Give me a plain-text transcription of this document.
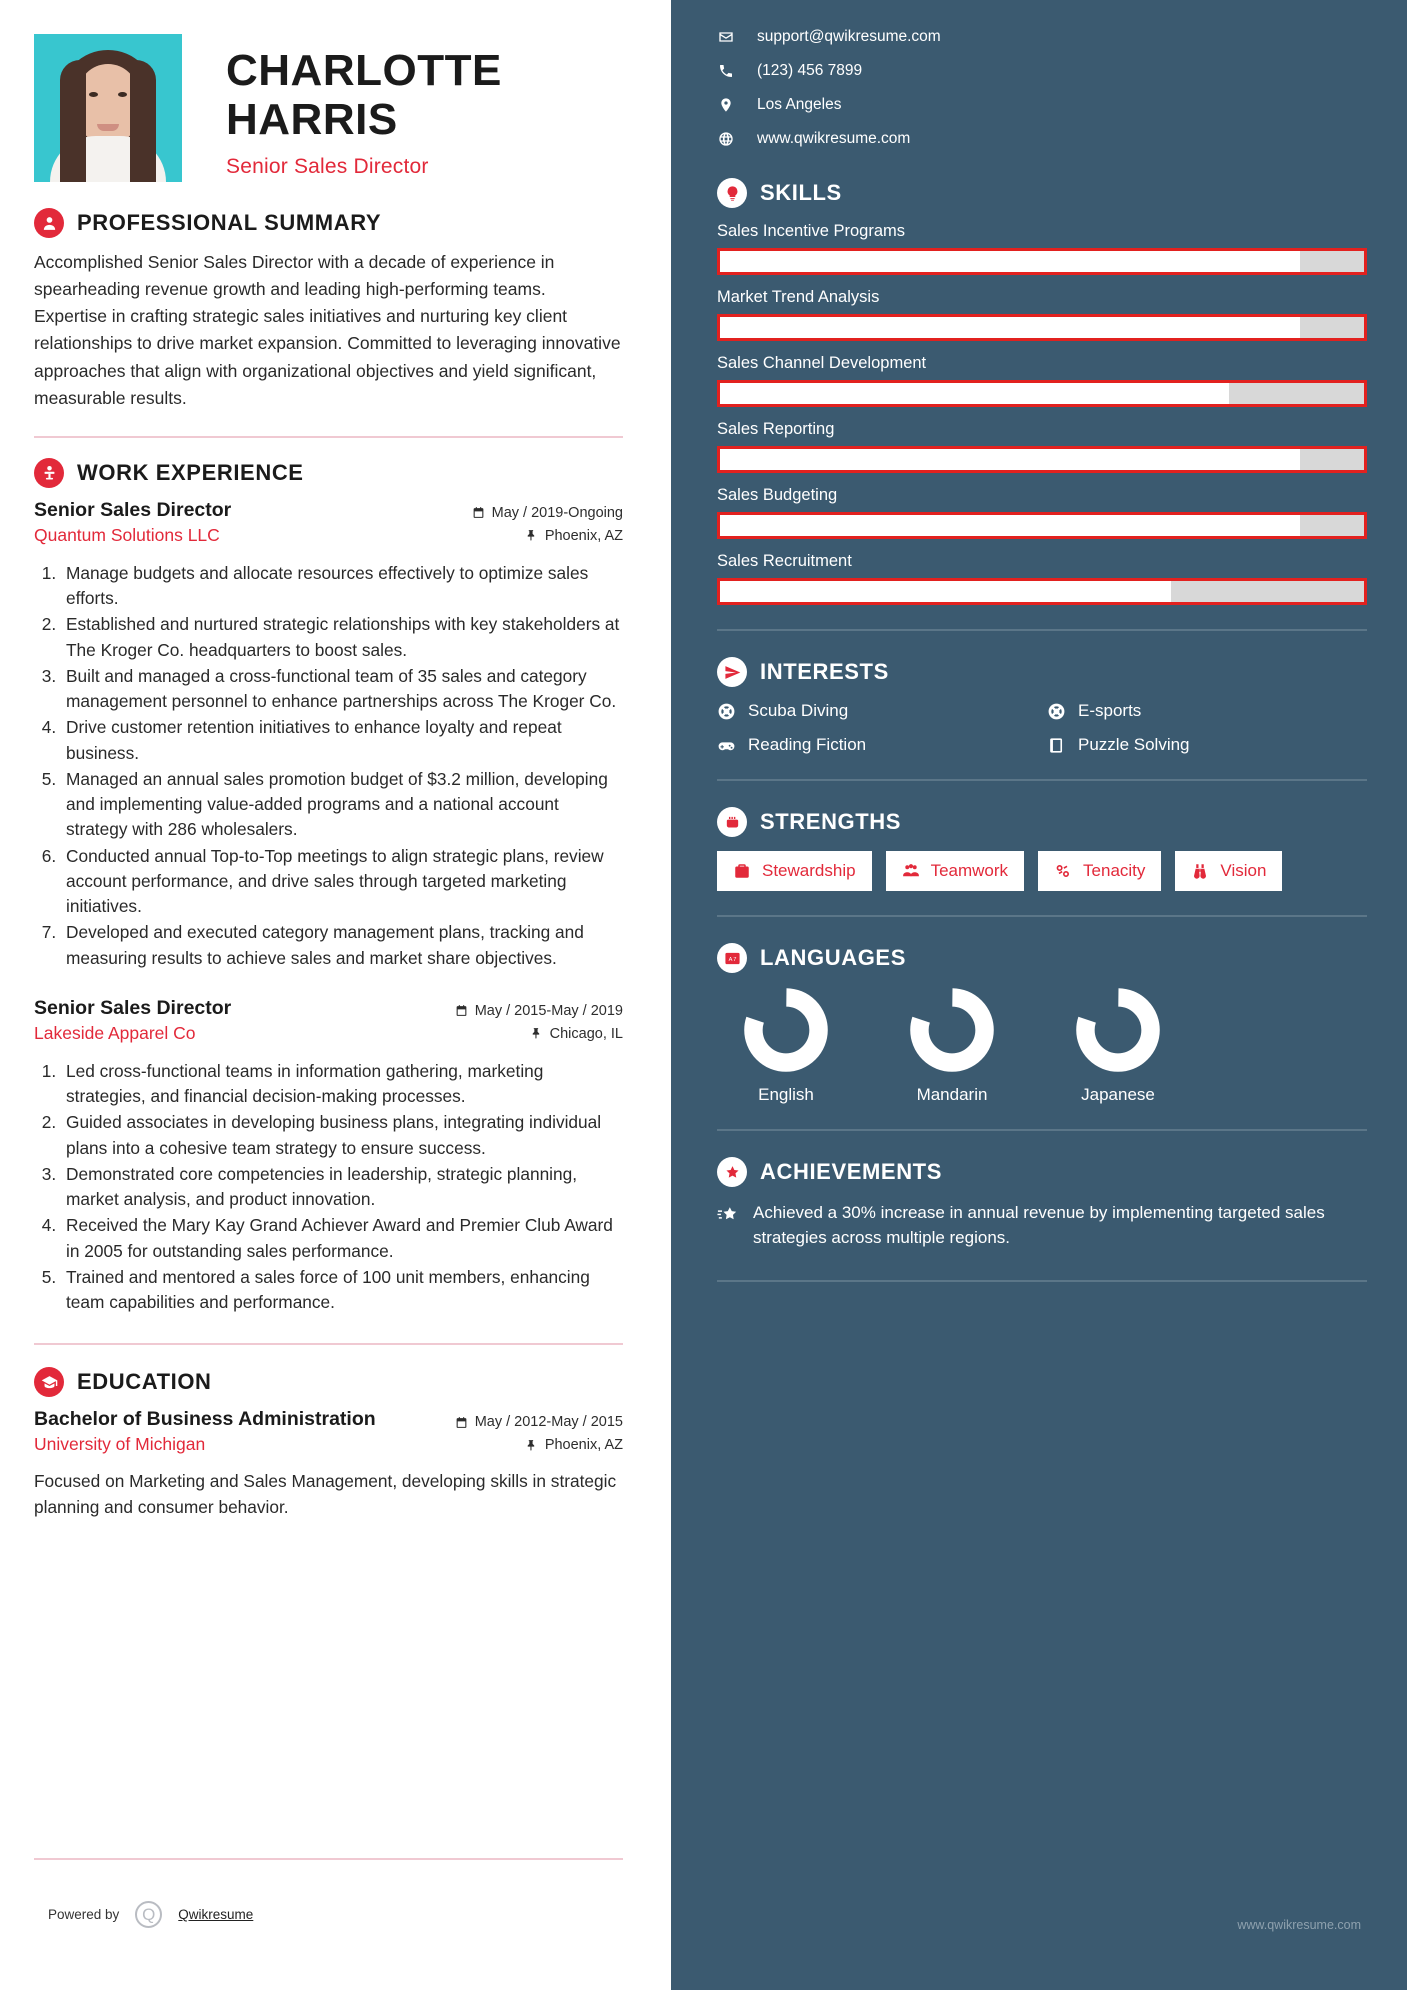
CHARLOTTE
HARRIS
Senior Sales Director
PROFESSIONAL SUMMARY
Accomplished Senior Sales Director with a decade of experience in spearheading revenue growth and leading high-performing teams. Expertise in crafting strategic sales initiatives and nurturing key client relationships to drive market expansion. Committed to leveraging innovative approaches that align with organizational objectives and yield significant, measurable results.
WORK EXPERIENCE
Senior Sales Director
Quantum Solutions LLC
May / 2019-Ongoing
Phoenix, AZ
1. Manage budgets and allocate resources effectively to optimize sales efforts.
2. Established and nurtured strategic relationships with key stakeholders at The Kroger Co. headquarters to boost sales.
3. Built and managed a cross-functional team of 35 sales and category management personnel to enhance partnerships across The Kroger Co.
4. Drive customer retention initiatives to enhance loyalty and repeat business.
5. Managed an annual sales promotion budget of $3.2 million, developing and implementing value-added programs and a national account strategy with 286 wholesalers.
6. Conducted annual Top-to-Top meetings to align strategic plans, review account performance, and drive sales through targeted marketing initiatives.
7. Developed and executed category management plans, tracking and measuring results to achieve sales and market share objectives.
Senior Sales Director
Lakeside Apparel Co
May / 2015-May / 2019
Chicago, IL
1. Led cross-functional teams in information gathering, marketing strategies, and financial decision-making processes.
2. Guided associates in developing business plans, integrating individual plans into a cohesive team strategy to ensure success.
3. Demonstrated core competencies in leadership, strategic planning, market analysis, and product innovation.
4. Received the Mary Kay Grand Achiever Award and Premier Club Award in 2005 for outstanding sales performance.
5. Trained and mentored a sales force of 100 unit members, enhancing team capabilities and performance.
EDUCATION
Bachelor of Business Administration
University of Michigan
May / 2012-May / 2015
Phoenix, AZ
Focused on Marketing and Sales Management, developing skills in strategic planning and consumer behavior.
Powered by	Q	Qwikresume
support@qwikresume.com
(123) 456 7899
Los Angeles
www.qwikresume.com
SKILLS
Sales Incentive Programs
Market Trend Analysis
Sales Channel Development
Sales Reporting
Sales Budgeting
Sales Recruitment
INTERESTS
Scuba Diving	E-sports
Reading Fiction	Puzzle Solving
STRENGTHS
Stewardship	Teamwork	Tenacity	Vision
A 7 LANGUAGES
English	Mandarin	Japanese
ACHIEVEMENTS
Achieved a 30% increase in annual revenue by implementing targeted sales strategies across multiple regions.
www.qwikresume.com
